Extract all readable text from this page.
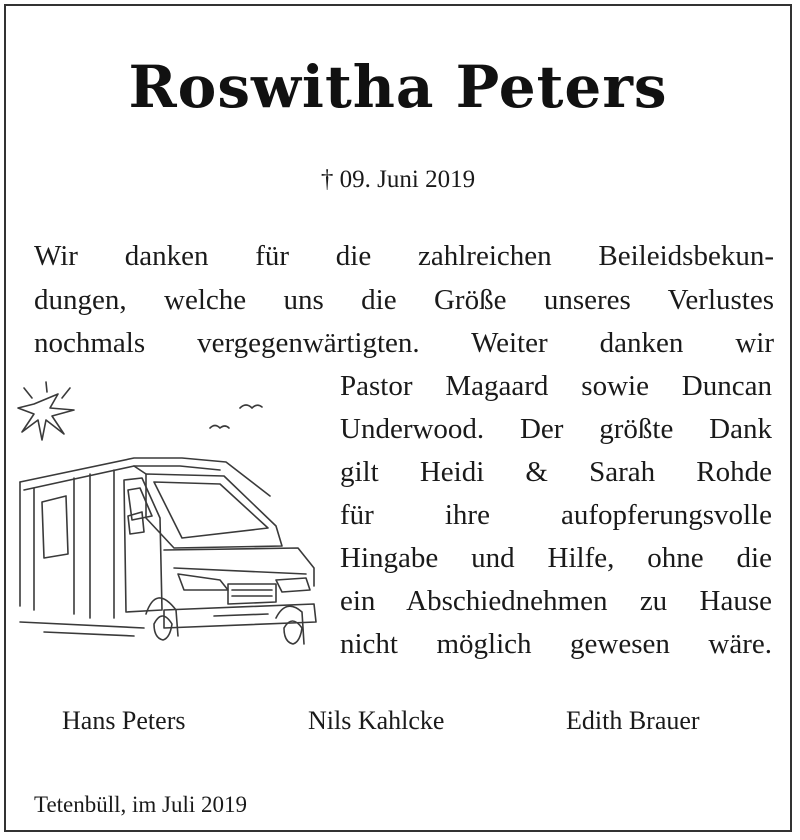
Roswitha Peters
† 09. Juni 2019
Wir danken für die zahlreichen Beileidsbekun-
dungen, welche uns die Größe unseres Verlustes
nochmals vergegenwärtigten. Weiter danken wir
Pastor Magaard sowie Duncan
Underwood. Der größte Dank
gilt Heidi & Sarah Rohde
für ihre aufopferungsvolle
Hingabe und Hilfe, ohne die
ein Abschiednehmen zu Hause
nicht möglich gewesen wäre.
Hans Peters	Nils Kahlcke	Edith Brauer
Tetenbüll, im Juli 2019
